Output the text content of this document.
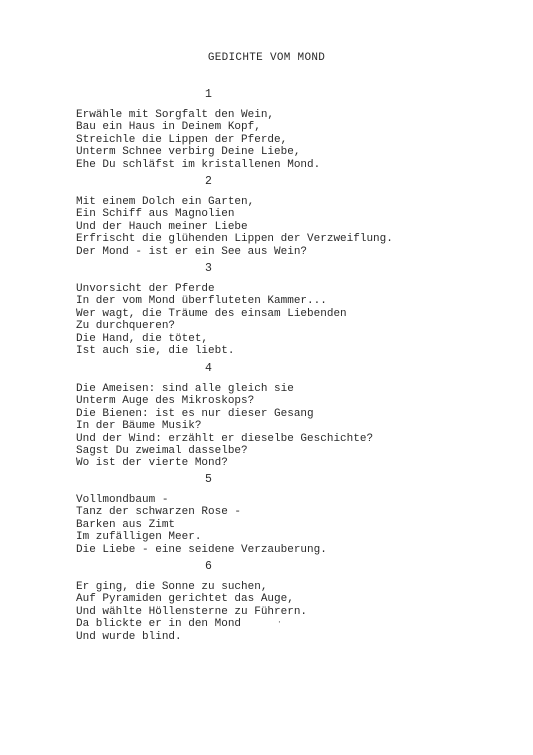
GEDICHTE VOM MOND
1
Erwähle mit Sorgfalt den Wein,
Bau ein Haus in Deinem Kopf,
Streichle die Lippen der Pferde,
Unterm Schnee verbirg Deine Liebe,
Ehe Du schläfst im kristallenen Mond.
2
Mit einem Dolch ein Garten,
Ein Schiff aus Magnolien
Und der Hauch meiner Liebe
Erfrischt die glühenden Lippen der Verzweiflung.
Der Mond - ist er ein See aus Wein?
3
Unvorsicht der Pferde
In der vom Mond überfluteten Kammer...
Wer wagt, die Träume des einsam Liebenden
Zu durchqueren?
Die Hand, die tötet,
Ist auch sie, die liebt.
4
Die Ameisen: sind alle gleich sie
Unterm Auge des Mikroskops?
Die Bienen: ist es nur dieser Gesang
In der Bäume Musik?
Und der Wind: erzählt er dieselbe Geschichte?
Sagst Du zweimal dasselbe?
Wo ist der vierte Mond?
5
Vollmondbaum -
Tanz der schwarzen Rose -
Barken aus Zimt
Im zufälligen Meer.
Die Liebe - eine seidene Verzauberung.
6
Er ging, die Sonne zu suchen,
Auf Pyramiden gerichtet das Auge,
Und wählte Höllensterne zu Führern.
Da blickte er in den Mond
Und wurde blind.
·
